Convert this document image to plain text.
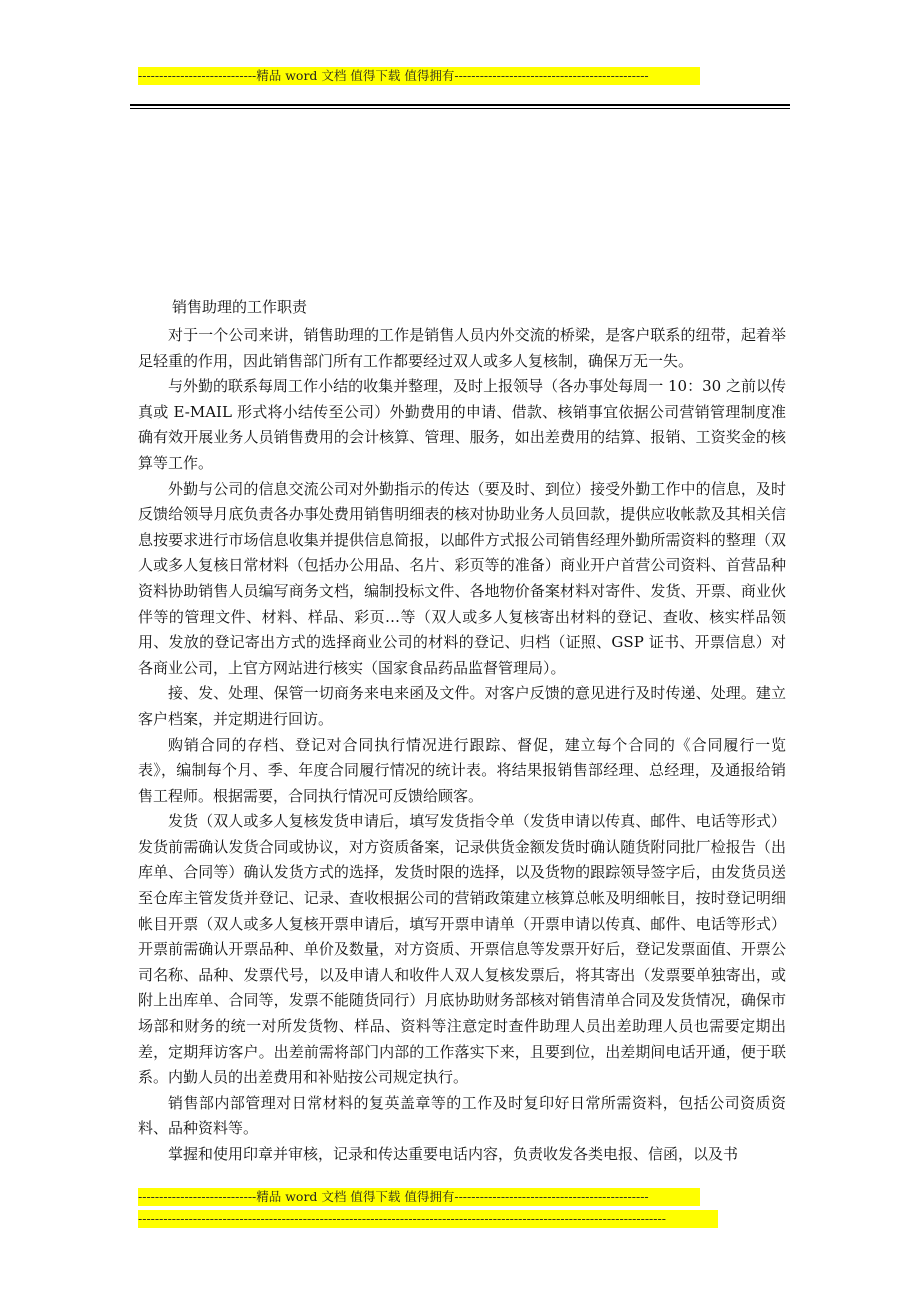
----------------------------精品 word 文档 值得下载 值得拥有----------------------------------------------
销售助理的工作职责

对于一个公司来讲，销售助理的工作是销售人员内外交流的桥梁，是客户联系的纽带，起着举足轻重的作用，因此销售部门所有工作都要经过双人或多人复核制，确保万无一失。

与外勤的联系每周工作小结的收集并整理，及时上报领导（各办事处每周一 10：30 之前以传真或 E-MAIL 形式将小结传至公司）外勤费用的申请、借款、核销事宜依据公司营销管理制度准确有效开展业务人员销售费用的会计核算、管理、服务，如出差费用的结算、报销、工资奖金的核算等工作。

外勤与公司的信息交流公司对外勤指示的传达（要及时、到位）接受外勤工作中的信息，及时反馈给领导月底负责各办事处费用销售明细表的核对协助业务人员回款，提供应收帐款及其相关信息按要求进行市场信息收集并提供信息简报，以邮件方式报公司销售经理外勤所需资料的整理（双人或多人复核日常材料（包括办公用品、名片、彩页等的准备）商业开户首营公司资料、首营品种资料协助销售人员编写商务文档，编制投标文件、各地物价备案材料对寄件、发货、开票、商业伙伴等的管理文件、材料、样品、彩页…等（双人或多人复核寄出材料的登记、查收、核实样品领用、发放的登记寄出方式的选择商业公司的材料的登记、归档（证照、GSP 证书、开票信息）对各商业公司，上官方网站进行核实（国家食品药品监督管理局）。

接、发、处理、保管一切商务来电来函及文件。对客户反馈的意见进行及时传递、处理。建立客户档案，并定期进行回访。

购销合同的存档、登记对合同执行情况进行跟踪、督促，建立每个合同的《合同履行一览表》，编制每个月、季、年度合同履行情况的统计表。将结果报销售部经理、总经理，及通报给销售工程师。根据需要，合同执行情况可反馈给顾客。

发货（双人或多人复核发货申请后，填写发货指令单（发货申请以传真、邮件、电话等形式）发货前需确认发货合同或协议，对方资质备案，记录供货金额发货时确认随货附同批厂检报告（出库单、合同等）确认发货方式的选择，发货时限的选择，以及货物的跟踪领导签字后，由发货员送至仓库主管发货并登记、记录、查收根据公司的营销政策建立核算总帐及明细帐目，按时登记明细帐目开票（双人或多人复核开票申请后，填写开票申请单（开票申请以传真、邮件、电话等形式）开票前需确认开票品种、单价及数量，对方资质、开票信息等发票开好后，登记发票面值、开票公司名称、品种、发票代号，以及申请人和收件人双人复核发票后，将其寄出（发票要单独寄出，或附上出库单、合同等，发票不能随货同行）月底协助财务部核对销售清单合同及发货情况，确保市场部和财务的统一对所发货物、样品、资料等注意定时查件助理人员出差助理人员也需要定期出差，定期拜访客户。出差前需将部门内部的工作落实下来，且要到位，出差期间电话开通，便于联系。内勤人员的出差费用和补贴按公司规定执行。

销售部内部管理对日常材料的复英盖章等的工作及时复印好日常所需资料，包括公司资质资料、品种资料等。

掌握和使用印章并审核，记录和传达重要电话内容，负责收发各类电报、信函，以及书

----------------------------精品 word 文档 值得下载 值得拥有----------------------------------------------
-----------------------------------------------------------------------------------------------------------------------------
